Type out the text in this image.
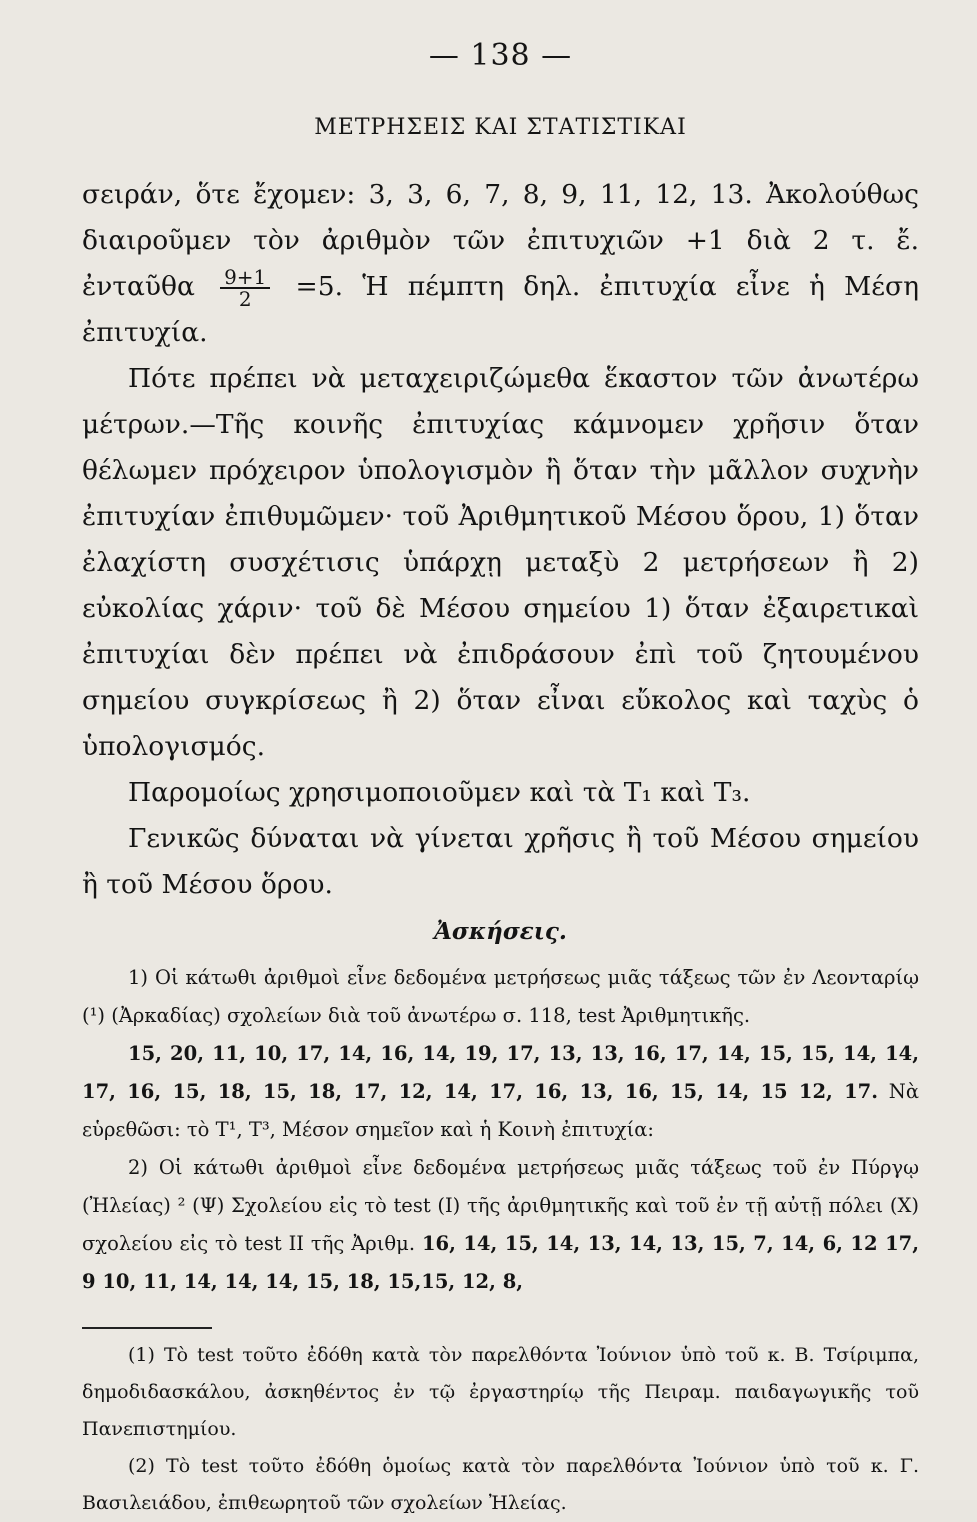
— 138 —
ΜΕΤΡΗΣΕΙΣ ΚΑΙ ΣΤΑΤΙΣΤΙΚΑΙ

σειράν, ὅτε ἔχομεν: 3, 3, 6, 7, 8, 9, 11, 12, 13. Ἀκολούθως διαιροῦμεν τὸν ἀριθμὸν τῶν ἐπιτυχιῶν +1 διὰ 2 τ. ἔ. ἐνταῦθα $\frac{9+1}{2} =5$. Ἡ πέμπτη δηλ. ἐπιτυχία εἶνε ἡ Μέση ἐπιτυχία.

Πότε πρέπει νὰ μεταχειριζώμεθα ἕκαστον τῶν ἀνωτέρω μέτρων.—Τῆς κοινῆς ἐπιτυχίας κάμνομεν χρῆσιν ὅταν θέλωμεν πρόχειρον ὑπολογισμὸν ἢ ὅταν τὴν μᾶλλον συχνὴν ἐπιτυχίαν ἐπιθυμῶμεν· τοῦ Ἀριθμητικοῦ Μέσου ὅρου, 1) ὅταν ἐλαχίστη συσχέτισις ὑπάρχῃ μεταξὺ 2 μετρήσεων ἢ 2) εὐκολίας χάριν· τοῦ δὲ Μέσου σημείου 1) ὅταν ἐξαιρετικαὶ ἐπιτυχίαι δὲν πρέπει νὰ ἐπιδράσουν ἐπὶ τοῦ ζητουμένου σημείου συγκρίσεως ἢ 2) ὅταν εἶναι εὔκολος καὶ ταχὺς ὁ ὑπολογισμός.

Παρομοίως χρησιμοποιοῦμεν καὶ τὰ T₁ καὶ T₃.

Γενικῶς δύναται νὰ γίνεται χρῆσις ἢ τοῦ Μέσου σημείου ἢ τοῦ Μέσου ὅρου.

Ἀσκήσεις.

1) Οἱ κάτωθι ἀριθμοὶ εἶνε δεδομένα μετρήσεως μιᾶς τάξεως τῶν ἐν Λεονταρίῳ (¹) (Ἀρκαδίας) σχολείων διὰ τοῦ ἀνωτέρω σ. 118, test Ἀριθμητικῆς.

15, 20, 11, 10, 17, 14, 16, 14, 19, 17, 13, 13, 16, 17, 14, 15, 15, 14, 14, 17, 16, 15, 18, 15, 18, 17, 12, 14, 17, 16, 13, 16, 15, 14, 15 12, 17. Νὰ εὑρεθῶσι: τὸ T¹, T³, Μέσον σημεῖον καὶ ἡ Κοινὴ ἐπιτυχία:

2) Οἱ κάτωθι ἀριθμοὶ εἶνε δεδομένα μετρήσεως μιᾶς τάξεως τοῦ ἐν Πύργῳ (Ἠλείας) ² (Ψ) Σχολείου εἰς τὸ test (I) τῆς ἀριθμητικῆς καὶ τοῦ ἐν τῇ αὐτῇ πόλει (X) σχολείου εἰς τὸ test II τῆς Ἀριθμ. 16, 14, 15, 14, 13, 14, 13, 15, 7, 14, 6, 12 17, 9 10, 11, 14, 14, 14, 15, 18, 15,15, 12, 8,

(1) Τὸ test τοῦτο ἐδόθη κατὰ τὸν παρελθόντα Ἰούνιον ὑπὸ τοῦ κ. Β. Τσίριμπα, δημοδιδασκάλου, ἀσκηθέντος ἐν τῷ ἐργαστηρίῳ τῆς Πειραμ. παιδαγωγικῆς τοῦ Πανεπιστημίου.

(2) Τὸ test τοῦτο ἐδόθη ὁμοίως κατὰ τὸν παρελθόντα Ἰούνιον ὑπὸ τοῦ κ. Γ. Βασιλειάδου, ἐπιθεωρητοῦ τῶν σχολείων Ἠλείας.
